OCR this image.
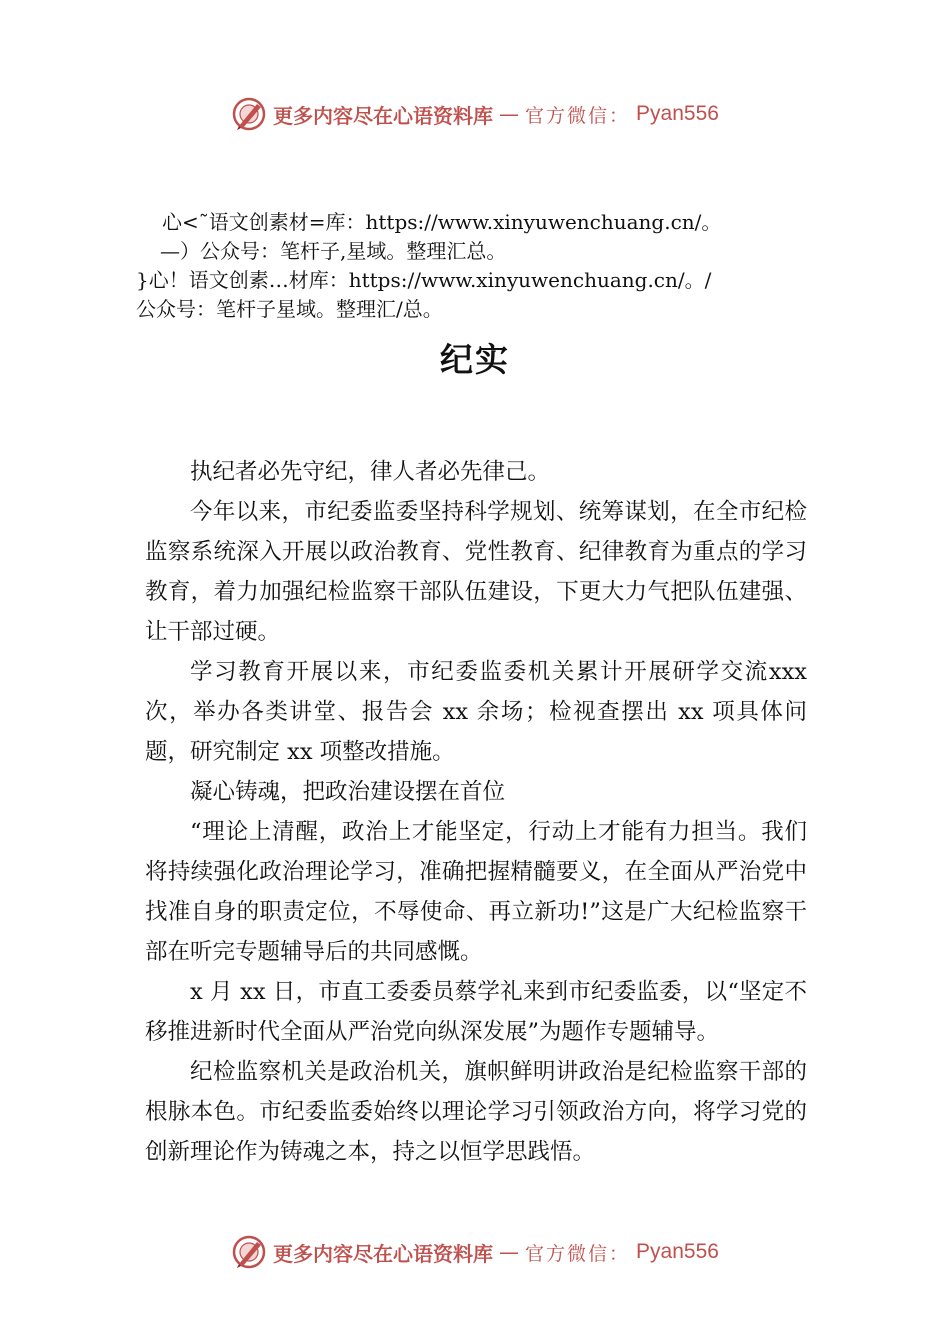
更多内容尽在心语资料库 — 官方微信： Pyan556
心<˜语文创素材=库：https://www.xinyuwenchuang.cn/。
—）公众号：笔杆子,星域。整理汇总。
}心！语文创素…材库：https://www.xinyuwenchuang.cn/。/
公众号：笔杆子星域。整理汇/总。
纪实

执纪者必先守纪，律人者必先律己。

今年以来，市纪委监委坚持科学规划、统筹谋划，在全市纪检监察系统深入开展以政治教育、党性教育、纪律教育为重点的学习教育，着力加强纪检监察干部队伍建设，下更大力气把队伍建强、让干部过硬。

学习教育开展以来，市纪委监委机关累计开展研学交流xxx次，举办各类讲堂、报告会 xx 余场；检视查摆出 xx 项具体问题，研究制定 xx 项整改措施。

凝心铸魂，把政治建设摆在首位

“理论上清醒，政治上才能坚定，行动上才能有力担当。我们将持续强化政治理论学习，准确把握精髓要义，在全面从严治党中找准自身的职责定位，不辱使命、再立新功!”这是广大纪检监察干部在听完专题辅导后的共同感慨。

x 月 xx 日，市直工委委员蔡学礼来到市纪委监委，以“坚定不移推进新时代全面从严治党向纵深发展”为题作专题辅导。

纪检监察机关是政治机关，旗帜鲜明讲政治是纪检监察干部的根脉本色。市纪委监委始终以理论学习引领政治方向，将学习党的创新理论作为铸魂之本，持之以恒学思践悟。

更多内容尽在心语资料库 — 官方微信： Pyan556
